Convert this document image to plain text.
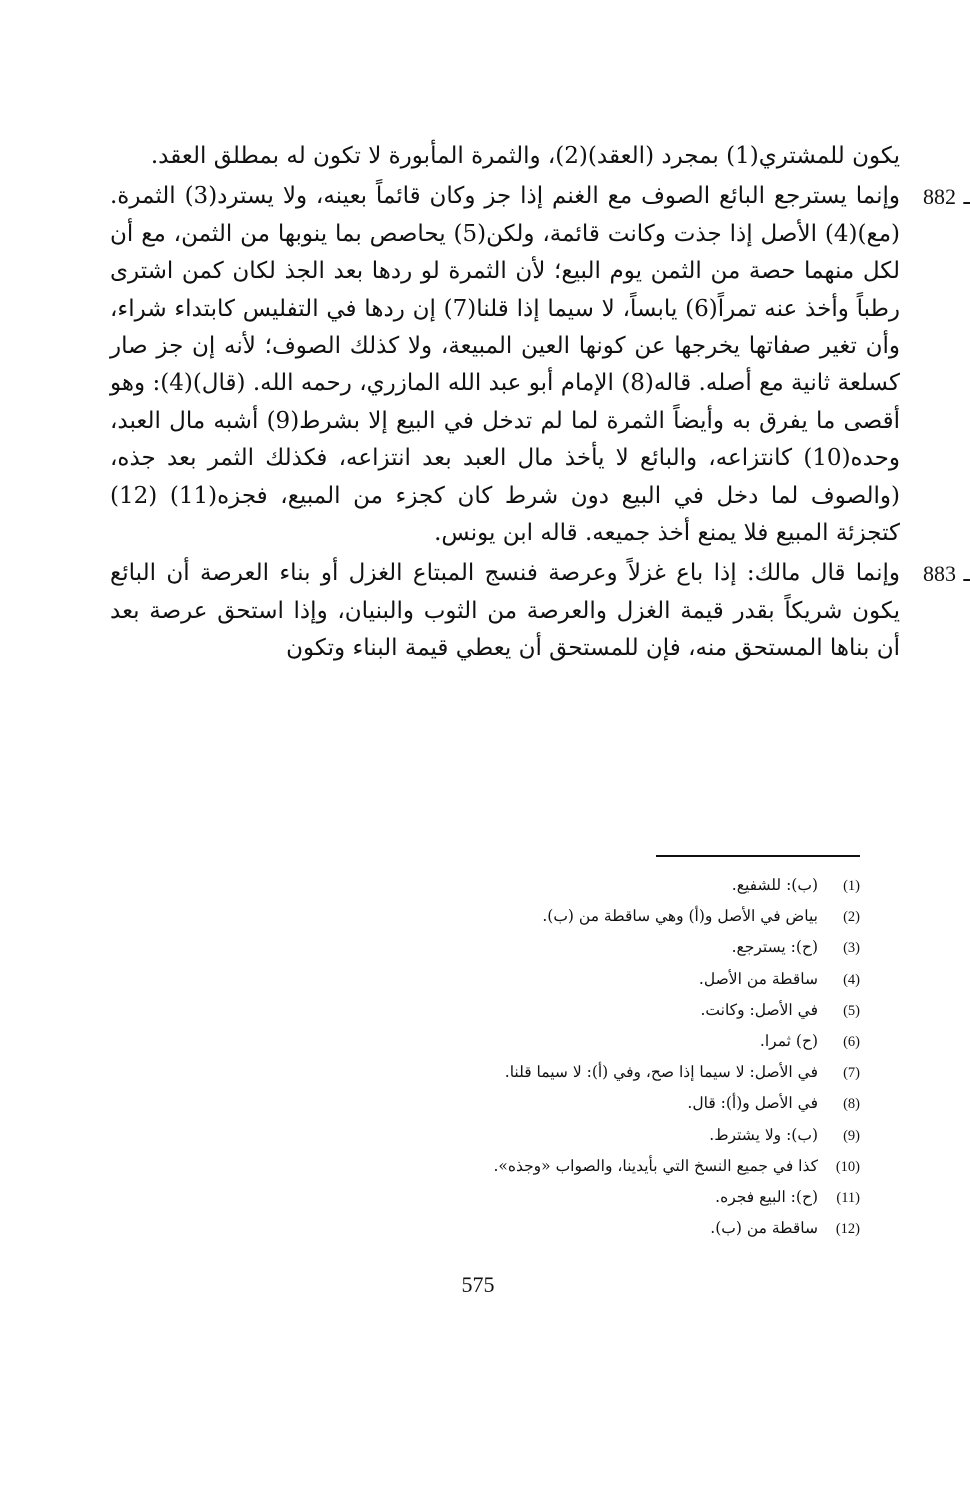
يكون للمشتري(1) بمجرد (العقد)(2)، والثمرة المأبورة لا تكون له بمطلق العقد.

882 ـ
وإنما يسترجع البائع الصوف مع الغنم إذا جز وكان قائماً بعينه، ولا يسترد(3) الثمرة. (مع)(4) الأصل إذا جذت وكانت قائمة، ولكن(5) يحاصص بما ينوبها من الثمن، مع أن لكل منهما حصة من الثمن يوم البيع؛ لأن الثمرة لو ردها بعد الجذ لكان كمن اشترى رطباً وأخذ عنه تمراً(6) يابساً، لا سيما إذا قلنا(7) إن ردها في التفليس كابتداء شراء، وأن تغير صفاتها يخرجها عن كونها العين المبيعة، ولا كذلك الصوف؛ لأنه إن جز صار كسلعة ثانية مع أصله. قاله(8) الإمام أبو عبد الله المازري، رحمه الله. (قال)(4): وهو أقصى ما يفرق به وأيضاً الثمرة لما لم تدخل في البيع إلا بشرط(9) أشبه مال العبد، وحده(10) كانتزاعه، والبائع لا يأخذ مال العبد بعد انتزاعه، فكذلك الثمر بعد جذه، (والصوف لما دخل في البيع دون شرط كان كجزء من المبيع، فجزه(11) (12) كتجزئة المبيع فلا يمنع أخذ جميعه. قاله ابن يونس.
883 ـ
وإنما قال مالك: إذا باع غزلاً وعرصة فنسج المبتاع الغزل أو بناء العرصة أن البائع يكون شريكاً بقدر قيمة الغزل والعرصة من الثوب والبنيان، وإذا استحق عرصة بعد أن بناها المستحق منه، فإن للمستحق أن يعطي قيمة البناء وتكون
(1)(ب): للشفيع.
(2)بياض في الأصل و(أ) وهي ساقطة من (ب).
(3)(ح): يسترجع.
(4)ساقطة من الأصل.
(5)في الأصل: وكانت.
(6)(ح) ثمرا.
(7)في الأصل: لا سيما إذا صح، وفي (أ): لا سيما قلنا.
(8)في الأصل و(أ): قال.
(9)(ب): ولا يشترط.
(10)كذا في جميع النسخ التي بأيدينا، والصواب «وجذه».
(11)(ح): البيع فجره.
(12)ساقطة من (ب).
575
